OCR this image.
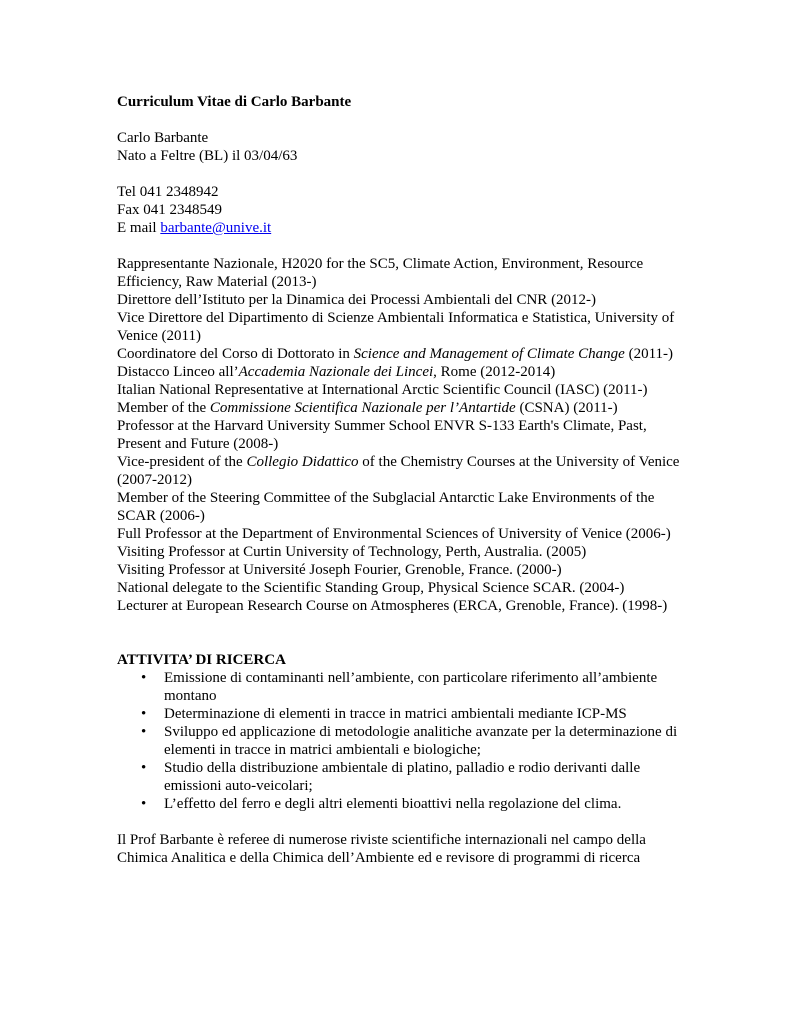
Curriculum Vitae di Carlo Barbante

Carlo Barbante
Nato a Feltre (BL) il 03/04/63
Tel 041 2348942
Fax 041 2348549
E mail barbante@unive.it
Rappresentante Nazionale, H2020 for the SC5, Climate Action, Environment, Resource Efficiency, Raw Material (2013-)
Direttore dell’Istituto per la Dinamica dei Processi Ambientali del CNR (2012-)
Vice Direttore del Dipartimento di Scienze Ambientali Informatica e Statistica, University of Venice (2011)
Coordinatore del Corso di Dottorato in Science and Management of Climate Change (2011-)
Distacco Linceo all’Accademia Nazionale dei Lincei, Rome (2012-2014)
Italian National Representative at International Arctic Scientific Council (IASC) (2011-)
Member of the Commissione Scientifica Nazionale per l’Antartide (CSNA) (2011-)
Professor at the Harvard University Summer School ENVR S-133 Earth's Climate, Past, Present and Future (2008-)
Vice-president of the Collegio Didattico of the Chemistry Courses at the University of Venice (2007-2012)
Member of the Steering Committee of the Subglacial Antarctic Lake Environments of the SCAR (2006-)
Full Professor at the Department of Environmental Sciences of University of Venice (2006-)
Visiting Professor at Curtin University of Technology, Perth, Australia. (2005)
Visiting Professor at Université Joseph Fourier, Grenoble, France. (2000-)
National delegate to the Scientific Standing Group, Physical Science SCAR. (2004-)
Lecturer at European Research Course on Atmospheres (ERCA, Grenoble, France). (1998-)

ATTIVITA’ DI RICERCA

• Emissione di contaminanti nell’ambiente, con particolare riferimento all’ambiente montano
• Determinazione di elementi in tracce in matrici ambientali mediante ICP-MS
• Sviluppo ed applicazione di metodologie analitiche avanzate per la determinazione di elementi in tracce in matrici ambientali e biologiche;
• Studio della distribuzione ambientale di platino, palladio e rodio derivanti dalle emissioni auto-veicolari;
• L’effetto del ferro e degli altri elementi bioattivi nella regolazione del clima.

Il Prof Barbante è referee di numerose riviste scientifiche internazionali nel campo della Chimica Analitica e della Chimica dell’Ambiente ed e revisore di programmi di ricerca
